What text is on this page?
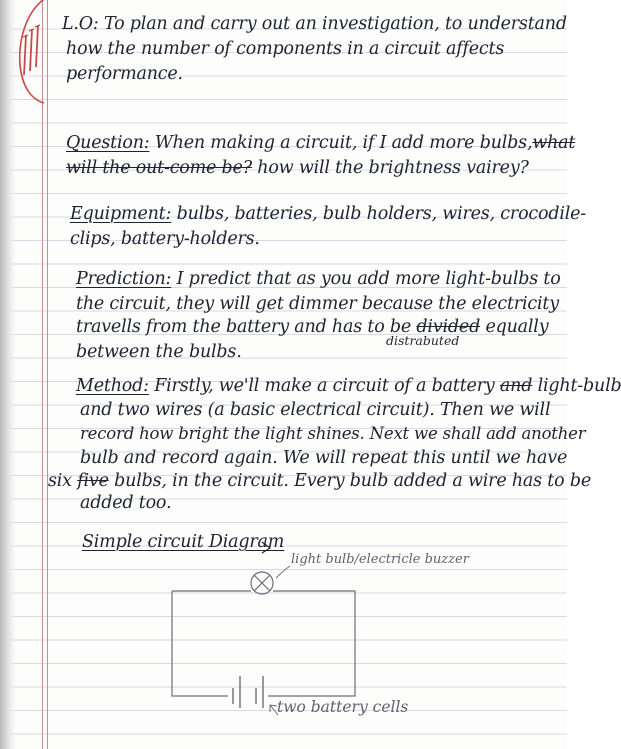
L.O: To plan and carry out an investigation, to understand
how the number of components in a circuit affects
performance.
Question: When making a circuit, if I add more bulbs,what
will the out-come be? how will the brightness vairey?
Equipment: bulbs, batteries, bulb holders, wires, crocodile-
clips, battery-holders.
Prediction: I predict that as you add more light-bulbs to
the circuit, they will get dimmer because the electricity
travells from the battery and has to be divided equally
between the bulbs.
distrabuted
Method: Firstly, we'll make a circuit of a battery and light-bulb
and two wires (a basic electrical circuit). Then we will
record how bright the light shines. Next we shall add another
bulb and record again. We will repeat this until we have
six five bulbs, in the circuit. Every bulb added a wire has to be
added too.
Simple circuit Diagram
light bulb/electricle buzzer
two battery cells
